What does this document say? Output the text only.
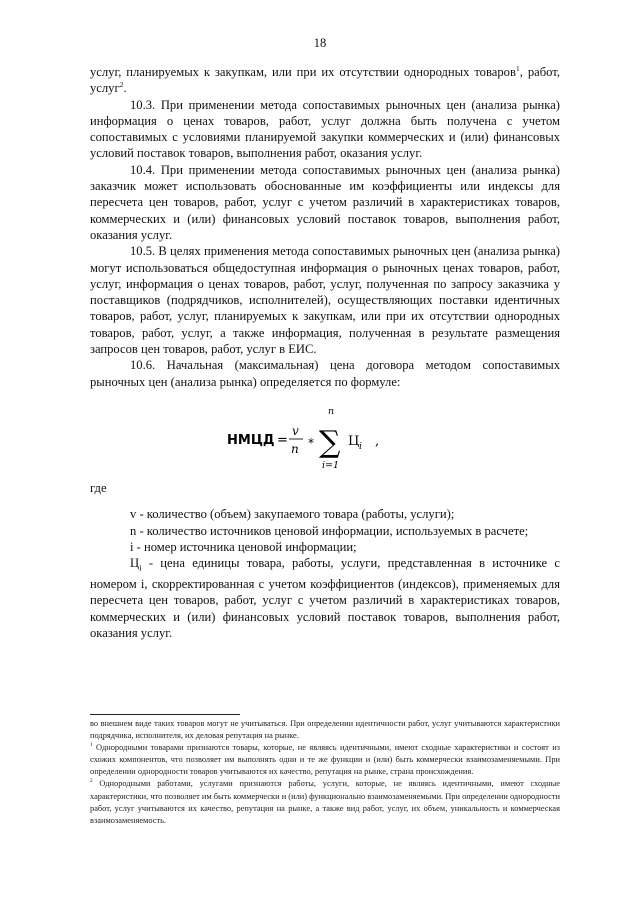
18

услуг, планируемых к закупкам, или при их отсутствии однородных товаров$^1$, работ, услуг$^2$.

10.3. При применении метода сопоставимых рыночных цен (анализа рынка) информация о ценах товаров, работ, услуг должна быть получена с учетом сопоставимых с условиями планируемой закупки коммерческих и (или) финансовых условий поставок товаров, выполнения работ, оказания услуг.

10.4. При применении метода сопоставимых рыночных цен (анализа рынка) заказчик может использовать обоснованные им коэффициенты или индексы для пересчета цен товаров, работ, услуг с учетом различий в характеристиках товаров, коммерческих и (или) финансовых условий поставок товаров, выполнения работ, оказания услуг.

10.5. В целях применения метода сопоставимых рыночных цен (анализа рынка) могут использоваться общедоступная информация о рыночных ценах товаров, работ, услуг, информация о ценах товаров, работ, услуг, полученная по запросу заказчика у поставщиков (подрядчиков, исполнителей), осуществляющих поставки идентичных товаров, работ, услуг, планируемых к закупкам, или при их отсутствии однородных товаров, работ, услуг, а также информация, полученная в результате размещения запросов цен товаров, работ, услуг в ЕИС.

10.6. Начальная (максимальная) цена договора методом сопоставимых рыночных цен (анализа рынка) определяется по формуле:

НМЦД =
v
n *
n
∑
i=1
Ц i ,

где

v - количество (объем) закупаемого товара (работы, услуги);

n - количество источников ценовой информации, используемых в расчете;

i - номер источника ценовой информации;

$Ц_i$ - цена единицы товара, работы, услуги, представленная в источнике с номером i, скорректированная с учетом коэффициентов (индексов), применяемых для пересчета цен товаров, работ, услуг с учетом различий в характеристиках товаров, коммерческих и (или) финансовых условий поставок товаров, выполнения работ, оказания услуг.

во внешнем виде таких товаров могут не учитываться. При определении идентичности работ, услуг учитываются характеристики подрядчика, исполнителя, их деловая репутация на рынке.

$^1$ Однородными товарами признаются товары, которые, не являясь идентичными, имеют сходные характеристики и состоят из схожих компонентов, что позволяет им выполнять одни и те же функции и (или) быть коммерчески взаимозаменяемыми. При определении однородности товаров учитываются их качество, репутация на рынке, страна происхождения.

$^2$ Однородными работами, услугами признаются работы, услуги, которые, не являясь идентичными, имеют сходные характеристики, что позволяет им быть коммерчески и (или) функционально взаимозаменяемыми. При определении однородности работ, услуг учитываются их качество, репутация на рынке, а также вид работ, услуг, их объем, уникальность и коммерческая взаимозаменяемость.
